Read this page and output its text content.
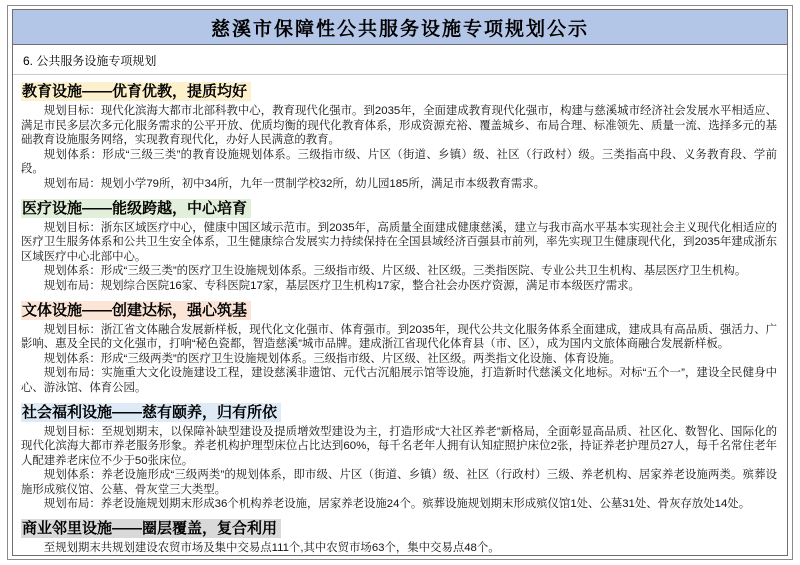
慈溪市保障性公共服务设施专项规划公示
6. 公共服务设施专项规划
教育设施——优育优教，提质均好

规划目标：现代化滨海大都市北部科教中心，教育现代化强市。到2035年，全面建成教育现代化强市，构建与慈溪城市经济社会发展水平相适应、满足市民多层次多元化服务需求的公平开放、优质均衡的现代化教育体系，形成资源充裕、覆盖城乡、布局合理、标准领先、质量一流、选择多元的基础教育设施服务网络，实现教育现代化，办好人民满意的教育。

规划体系：形成“三级三类”的教育设施规划体系。三级指市级、片区（街道、乡镇）级、社区（行政村）级。三类指高中段、义务教育段、学前段。

规划布局：规划小学79所，初中34所，九年一贯制学校32所，幼儿园185所，满足市本级教育需求。

医疗设施——能级跨越，中心培育

规划目标：浙东区域医疗中心，健康中国区域示范市。到2035年，高质量全面建成健康慈溪，建立与我市高水平基本实现社会主义现代化相适应的医疗卫生服务体系和公共卫生安全体系，卫生健康综合发展实力持续保持在全国县域经济百强县市前列，率先实现卫生健康现代化，到2035年建成浙东区域医疗中心北部中心。

规划体系：形成“三级三类”的医疗卫生设施规划体系。三级指市级、片区级、社区级。三类指医院、专业公共卫生机构、基层医疗卫生机构。

规划布局：规划综合医院16家、专科医院17家，基层医疗卫生机构17家，整合社会办医疗资源，满足市本级医疗需求。

文体设施——创建达标，强心筑基

规划目标：浙江省文体融合发展新样板，现代化文化强市、体育强市。到2035年，现代公共文化服务体系全面建成，建成具有高品质、强活力、广影响、惠及全民的文化强市，打响“秘色瓷都，智造慈溪”城市品牌。建成浙江省现代化体育县（市、区），成为国内文旅体商融合发展新样板。

规划体系：形成“三级两类”的医疗卫生设施规划体系。三级指市级、片区级、社区级。两类指文化设施、体育设施。

规划布局：实施重大文化设施建设工程，建设慈溪非遗馆、元代古沉船展示馆等设施，打造新时代慈溪文化地标。对标“五个一”，建设全民健身中心、游泳馆、体育公园。

社会福利设施——慈有颐养，归有所依

规划目标：至规划期末，以保障补缺型建设及提质增效型建设为主，打造形成“大社区养老”新格局，全面彰显高品质、社区化、数智化、国际化的现代化滨海大都市养老服务形象。养老机构护理型床位占比达到60%，每千名老年人拥有认知症照护床位2张，持证养老护理员27人，每千名常住老年人配建养老床位不少于50张床位。

规划体系：养老设施形成“三级两类”的规划体系，即市级、片区（街道、乡镇）级、社区（行政村）三级、养老机构、居家养老设施两类。殡葬设施形成殡仪馆、公墓、骨灰堂三大类型。

规划布局：养老设施规划期末形成36个机构养老设施，居家养老设施24个。殡葬设施规划期末形成殡仪馆1处、公墓31处、骨灰存放处14处。

商业邻里设施——圈层覆盖，复合利用

至规划期末共规划建设农贸市场及集中交易点111个,其中农贸市场63个，集中交易点48个。
